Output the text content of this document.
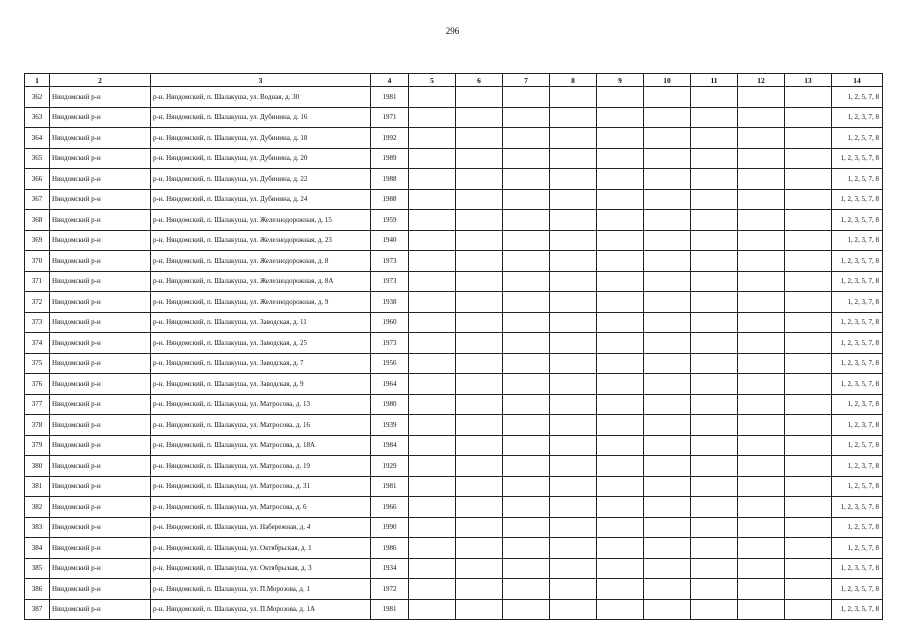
296
1	2	3	4	5	6	7	8	9	10	11	12	13	14
362	Няндомский р-н	р-н. Няндомский, п. Шалакуша, ул. Водная, д. 30	1981										1, 2, 5, 7, 8
363	Няндомский р-н	р-н. Няндомский, п. Шалакуша, ул. Дубинина, д. 16	1971										1, 2, 3, 7, 8
364	Няндомский р-н	р-н. Няндомский, п. Шалакуша, ул. Дубинина, д. 18	1992										1, 2, 5, 7, 8
365	Няндомский р-н	р-н. Няндомский, п. Шалакуша, ул. Дубинина, д. 20	1989										1, 2, 3, 5, 7, 8
366	Няндомский р-н	р-н. Няндомский, п. Шалакуша, ул. Дубинина, д. 22	1988										1, 2, 5, 7, 8
367	Няндомский р-н	р-н. Няндомский, п. Шалакуша, ул. Дубинина, д. 24	1988										1, 2, 3, 5, 7, 8
368	Няндомский р-н	р-н. Няндомский, п. Шалакуша, ул. Железнодорожная, д. 15	1959										1, 2, 3, 5, 7, 8
369	Няндомский р-н	р-н. Няндомский, п. Шалакуша, ул. Железнодорожная, д. 23	1940										1, 2, 3, 7, 8
370	Няндомский р-н	р-н. Няндомский, п. Шалакуша, ул. Железнодорожная, д. 8	1973										1, 2, 3, 5, 7, 8
371	Няндомский р-н	р-н. Няндомский, п. Шалакуша, ул. Железнодорожная, д. 8А	1973										1, 2, 3, 5, 7, 8
372	Няндомский р-н	р-н. Няндомский, п. Шалакуша, ул. Железнодорожная, д. 9	1938										1, 2, 3, 7, 8
373	Няндомский р-н	р-н. Няндомский, п. Шалакуша, ул. Заводская, д. 11	1960										1, 2, 3, 5, 7, 8
374	Няндомский р-н	р-н. Няндомский, п. Шалакуша, ул. Заводская, д. 25	1973										1, 2, 3, 5, 7, 8
375	Няндомский р-н	р-н. Няндомский, п. Шалакуша, ул. Заводская, д. 7	1956										1, 2, 3, 5, 7, 8
376	Няндомский р-н	р-н. Няндомский, п. Шалакуша, ул. Заводская, д. 9	1964										1, 2, 3, 5, 7, 8
377	Няндомский р-н	р-н. Няндомский, п. Шалакуша, ул. Матросова, д. 13	1980										1, 2, 3, 7, 8
378	Няндомский р-н	р-н. Няндомский, п. Шалакуша, ул. Матросова, д. 16	1939										1, 2, 3, 7, 8
379	Няндомский р-н	р-н. Няндомский, п. Шалакуша, ул. Матросова, д. 18А	1984										1, 2, 5, 7, 8
380	Няндомский р-н	р-н. Няндомский, п. Шалакуша, ул. Матросова, д. 19	1929										1, 2, 3, 7, 8
381	Няндомский р-н	р-н. Няндомский, п. Шалакуша, ул. Матросова, д. 31	1981										1, 2, 5, 7, 8
382	Няндомский р-н	р-н. Няндомский, п. Шалакуша, ул. Матросова, д. 6	1966										1, 2, 3, 5, 7, 8
383	Няндомский р-н	р-н. Няндомский, п. Шалакуша, ул. Набережная, д. 4	1990										1, 2, 5, 7, 8
384	Няндомский р-н	р-н. Няндомский, п. Шалакуша, ул. Октябрьская, д. 1	1986										1, 2, 5, 7, 8
385	Няндомский р-н	р-н. Няндомский, п. Шалакуша, ул. Октябрьская, д. 3	1934										1, 2, 3, 5, 7, 8
386	Няндомский р-н	р-н. Няндомский, п. Шалакуша, ул. П.Морозова, д. 1	1972										1, 2, 3, 5, 7, 8
387	Няндомский р-н	р-н. Няндомский, п. Шалакуша, ул. П.Морозова, д. 1А	1981										1, 2, 3, 5, 7, 8
